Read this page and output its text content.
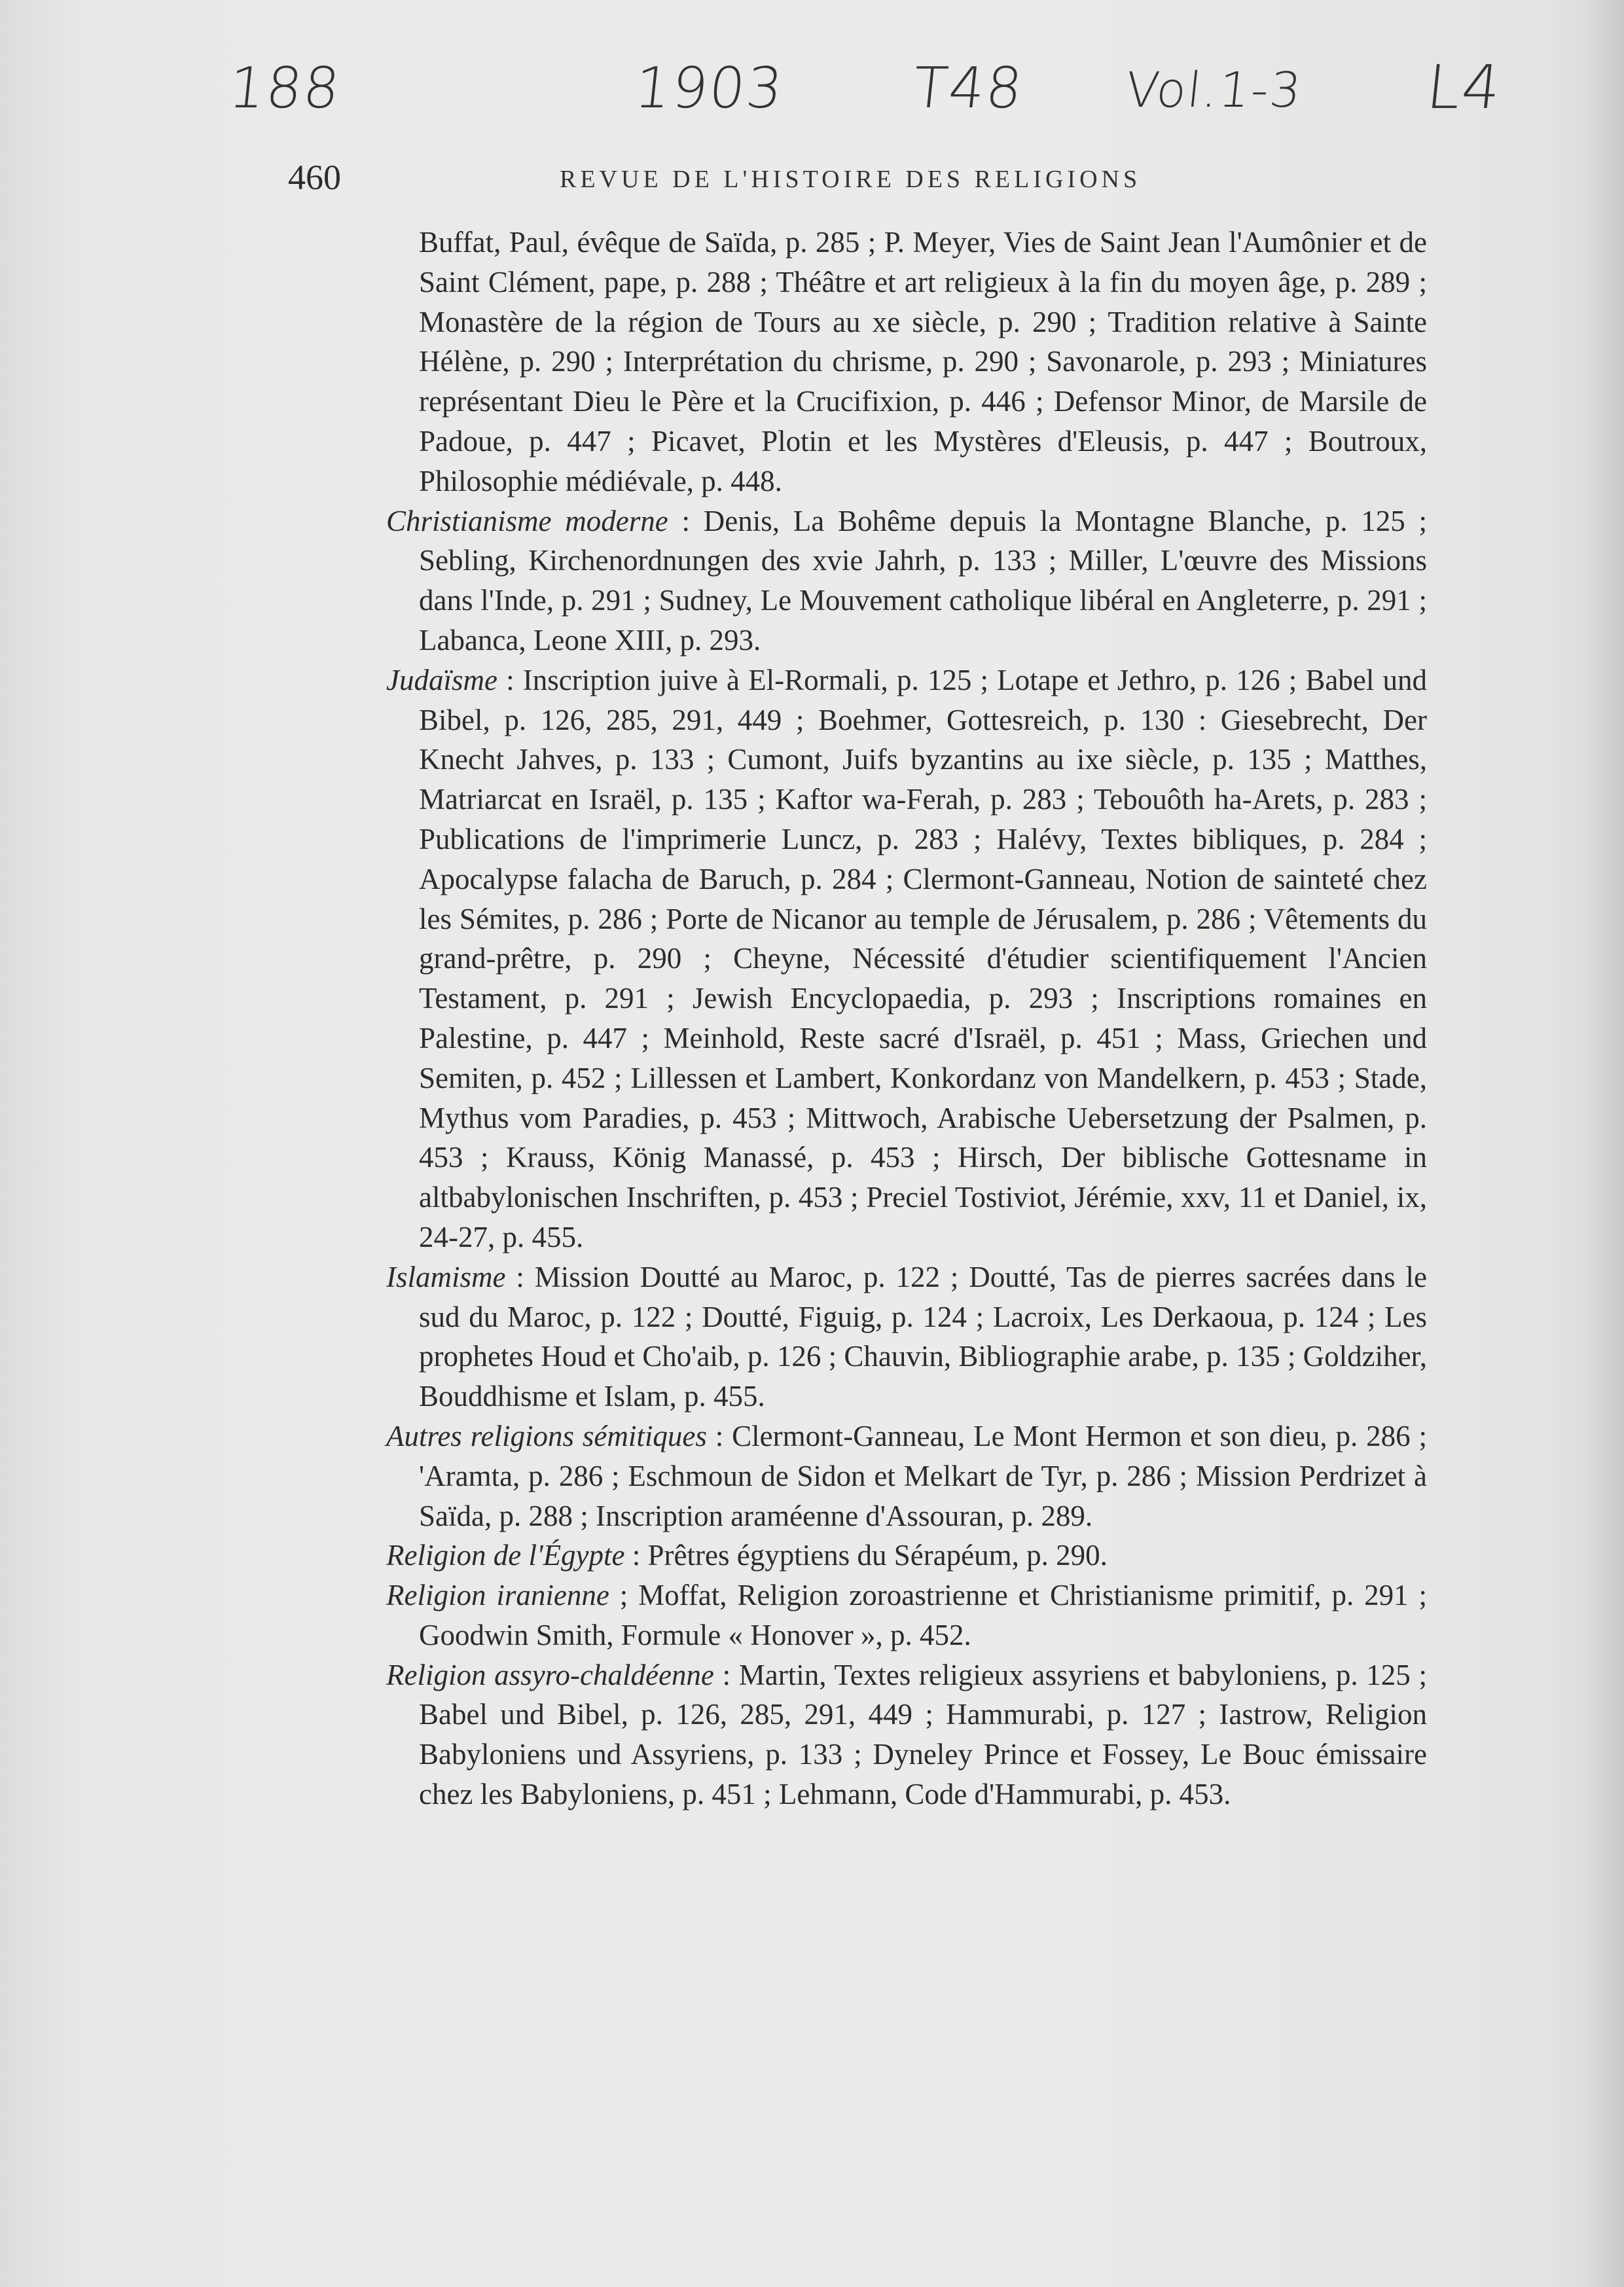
188	1903 T48 Vol.1-3 L4
460	REVUE DE L'HISTOIRE DES RELIGIONS

Buffat, Paul, évêque de Saïda, p. 285 ; P. Meyer, Vies de Saint Jean l'Aumônier et de Saint Clément, pape, p. 288 ; Théâtre et art religieux à la fin du moyen âge, p. 289 ; Monastère de la région de Tours au xe siècle, p. 290 ; Tradition relative à Sainte Hélène, p. 290 ; Interprétation du chrisme, p. 290 ; Savonarole, p. 293 ; Miniatures représentant Dieu le Père et la Crucifixion, p. 446 ; Defensor Minor, de Marsile de Padoue, p. 447 ; Picavet, Plotin et les Mystères d'Eleusis, p. 447 ; Boutroux, Philosophie médiévale, p. 448.

Christianisme moderne : Denis, La Bohême depuis la Montagne Blanche, p. 125 ; Sebling, Kirchenordnungen des xvie Jahrh, p. 133 ; Miller, L'œuvre des Missions dans l'Inde, p. 291 ; Sudney, Le Mouvement catholique libéral en Angleterre, p. 291 ; Labanca, Leone XIII, p. 293.

Judaïsme : Inscription juive à El-Rormali, p. 125 ; Lotape et Jethro, p. 126 ; Babel und Bibel, p. 126, 285, 291, 449 ; Boehmer, Gottesreich, p. 130 : Giesebrecht, Der Knecht Jahves, p. 133 ; Cumont, Juifs byzantins au ixe siècle, p. 135 ; Matthes, Matriarcat en Israël, p. 135 ; Kaftor wa-Ferah, p. 283 ; Tebouôth ha-Arets, p. 283 ; Publications de l'imprimerie Luncz, p. 283 ; Halévy, Textes bibliques, p. 284 ; Apocalypse falacha de Baruch, p. 284 ; Clermont-Ganneau, Notion de sainteté chez les Sémites, p. 286 ; Porte de Nicanor au temple de Jérusalem, p. 286 ; Vêtements du grand-prêtre, p. 290 ; Cheyne, Nécessité d'étudier scientifiquement l'Ancien Testament, p. 291 ; Jewish Encyclopaedia, p. 293 ; Inscriptions romaines en Palestine, p. 447 ; Meinhold, Reste sacré d'Israël, p. 451 ; Mass, Griechen und Semiten, p. 452 ; Lillessen et Lambert, Konkordanz von Mandelkern, p. 453 ; Stade, Mythus vom Paradies, p. 453 ; Mittwoch, Arabische Uebersetzung der Psalmen, p. 453 ; Krauss, König Manassé, p. 453 ; Hirsch, Der biblische Gottesname in altbabylonischen Inschriften, p. 453 ; Preciel Tostiviot, Jérémie, xxv, 11 et Daniel, ix, 24-27, p. 455.

Islamisme : Mission Doutté au Maroc, p. 122 ; Doutté, Tas de pierres sacrées dans le sud du Maroc, p. 122 ; Doutté, Figuig, p. 124 ; Lacroix, Les Derkaoua, p. 124 ; Les prophetes Houd et Cho'aib, p. 126 ; Chauvin, Bibliographie arabe, p. 135 ; Goldziher, Bouddhisme et Islam, p. 455.

Autres religions sémitiques : Clermont-Ganneau, Le Mont Hermon et son dieu, p. 286 ; 'Aramta, p. 286 ; Eschmoun de Sidon et Melkart de Tyr, p. 286 ; Mission Perdrizet à Saïda, p. 288 ; Inscription araméenne d'Assouran, p. 289.

Religion de l'Égypte : Prêtres égyptiens du Sérapéum, p. 290.

Religion iranienne ; Moffat, Religion zoroastrienne et Christianisme primitif, p. 291 ; Goodwin Smith, Formule « Honover », p. 452.

Religion assyro-chaldéenne : Martin, Textes religieux assyriens et babyloniens, p. 125 ; Babel und Bibel, p. 126, 285, 291, 449 ; Hammurabi, p. 127 ; Iastrow, Religion Babyloniens und Assyriens, p. 133 ; Dyneley Prince et Fossey, Le Bouc émissaire chez les Babyloniens, p. 451 ; Lehmann, Code d'Hammurabi, p. 453.
